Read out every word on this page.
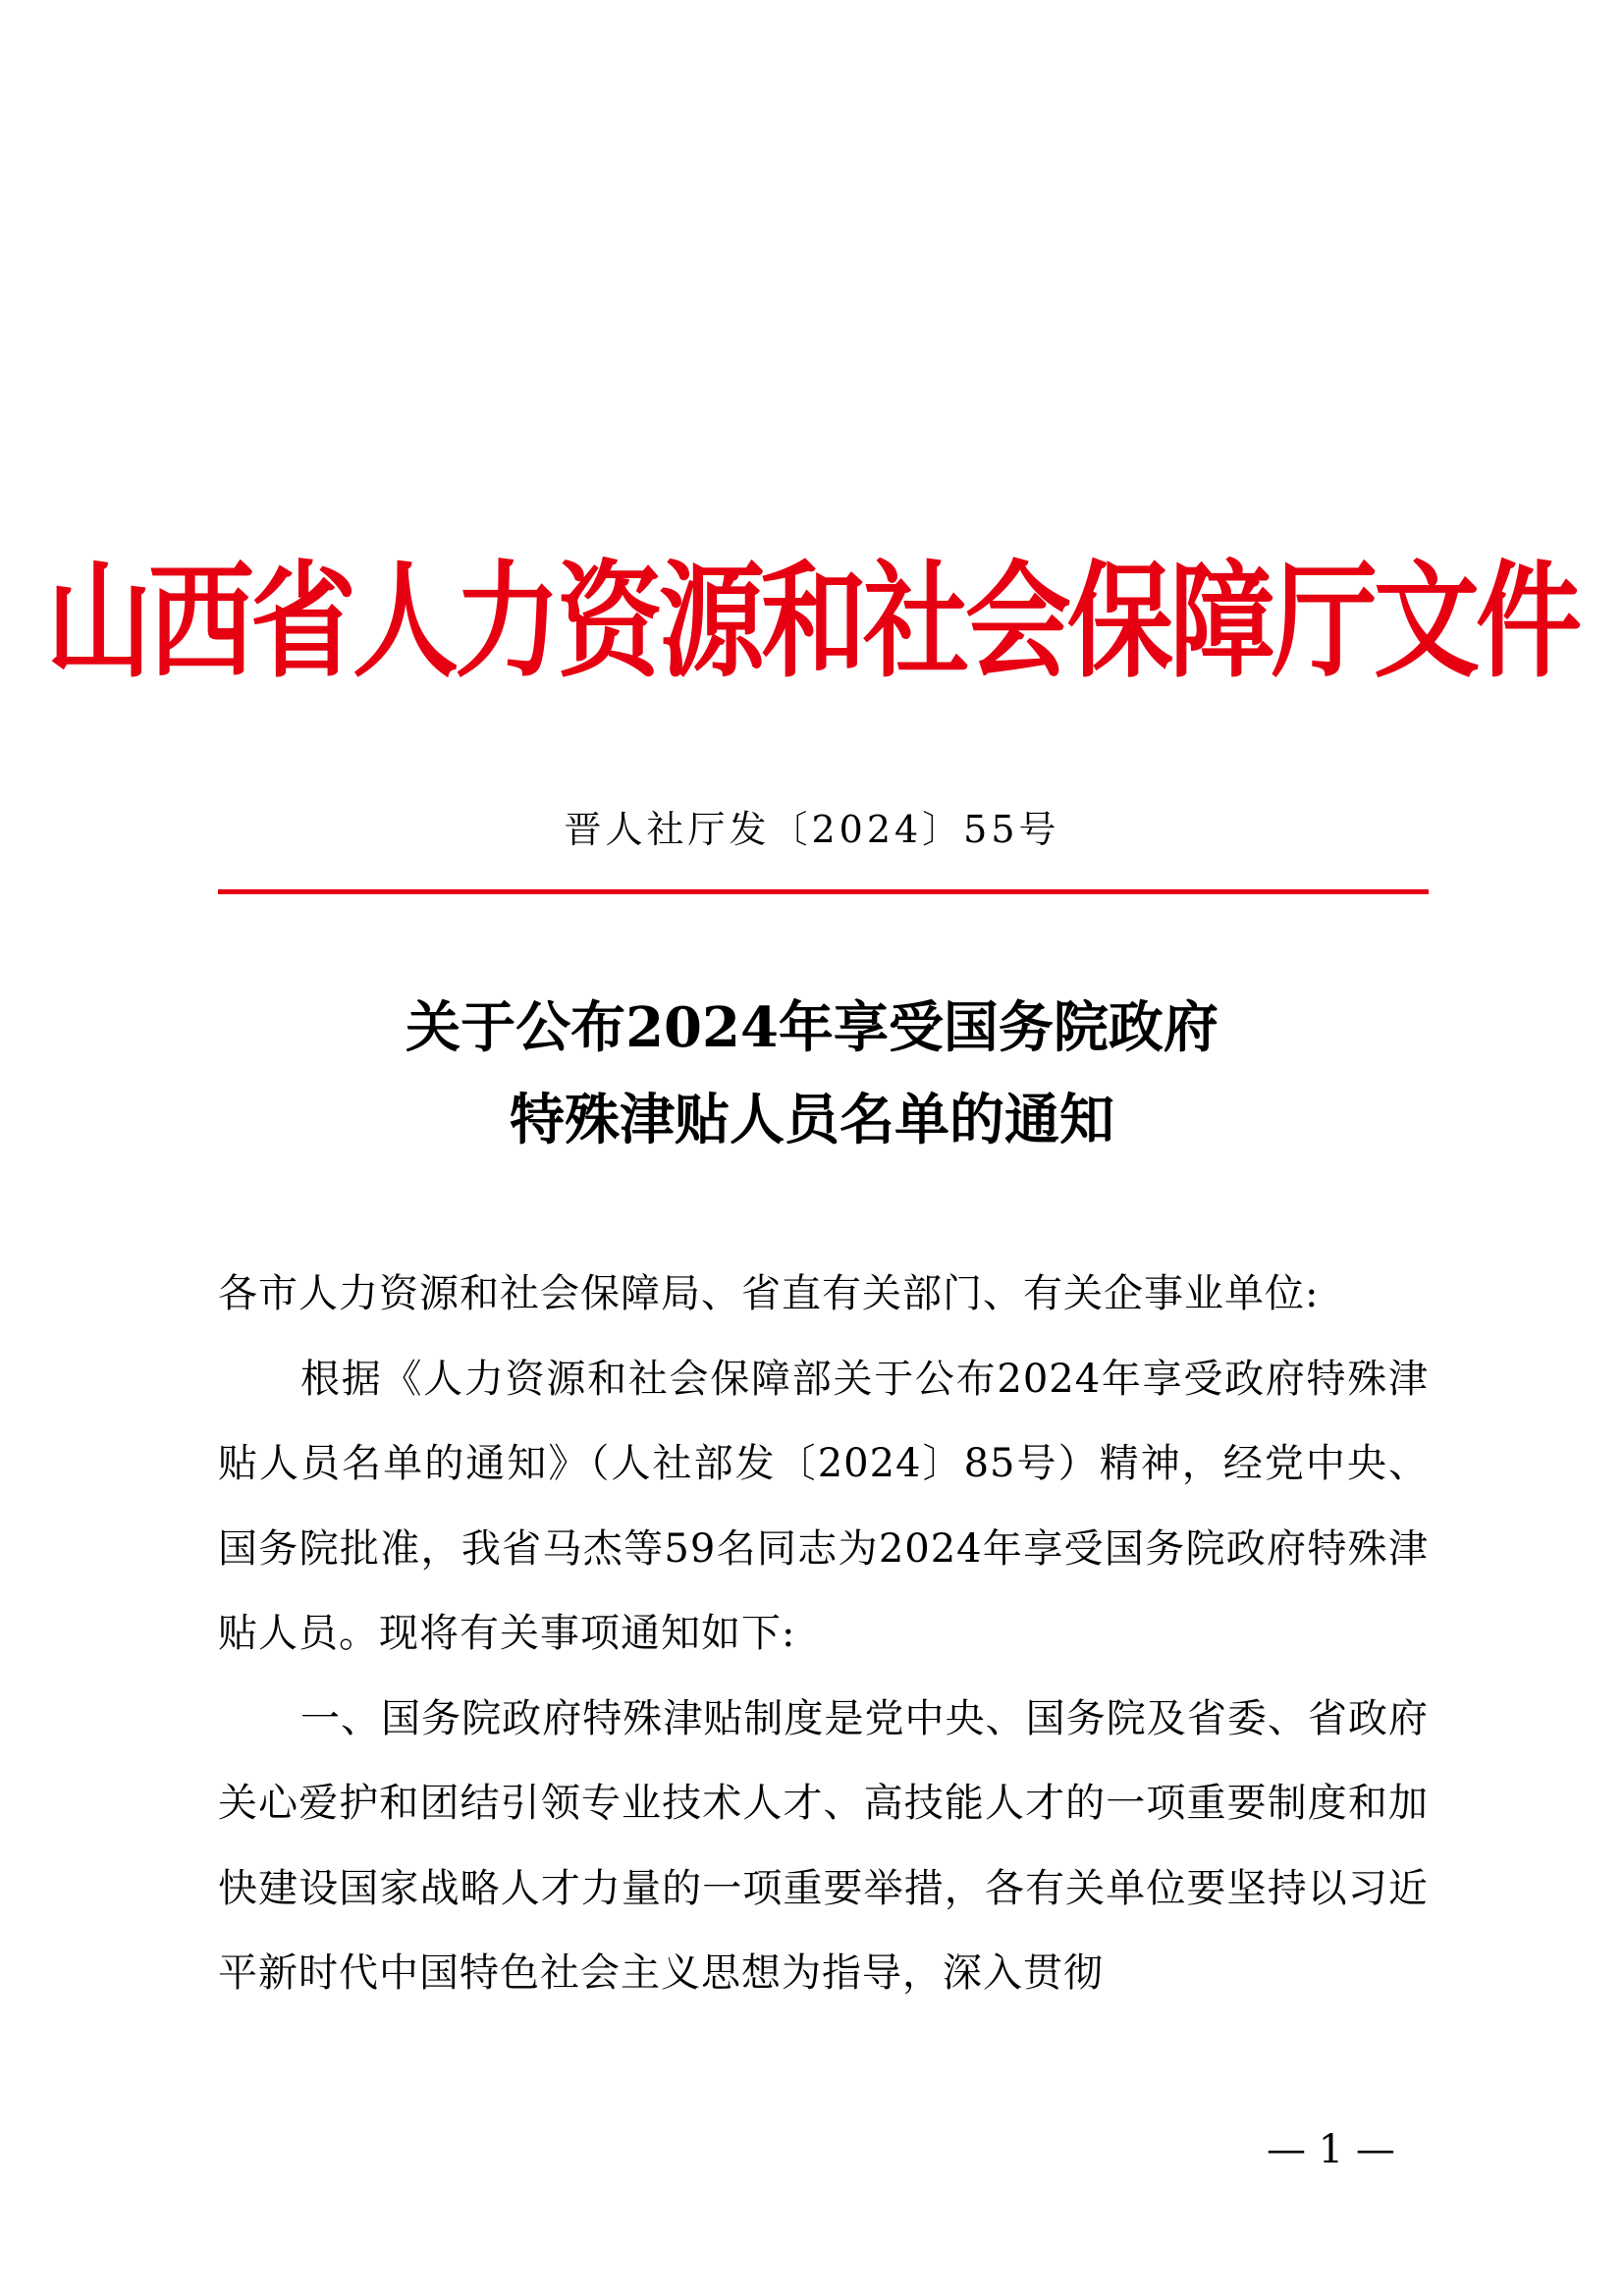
山西省人力资源和社会保障厅文件
晋人社厅发〔2024〕55号
关于公布2024年享受国务院政府
特殊津贴人员名单的通知

各市人力资源和社会保障局、省直有关部门、有关企事业单位:

根据《人力资源和社会保障部关于公布2024年享受政府特殊津贴人员名单的通知》（人社部发〔2024〕85号）精神，经党中央、国务院批准，我省马杰等59名同志为2024年享受国务院政府特殊津贴人员。现将有关事项通知如下:

一、国务院政府特殊津贴制度是党中央、国务院及省委、省政府关心爱护和团结引领专业技术人才、高技能人才的一项重要制度和加快建设国家战略人才力量的一项重要举措，各有关单位要坚持以习近平新时代中国特色社会主义思想为指导，深入贯彻

— 1 —
